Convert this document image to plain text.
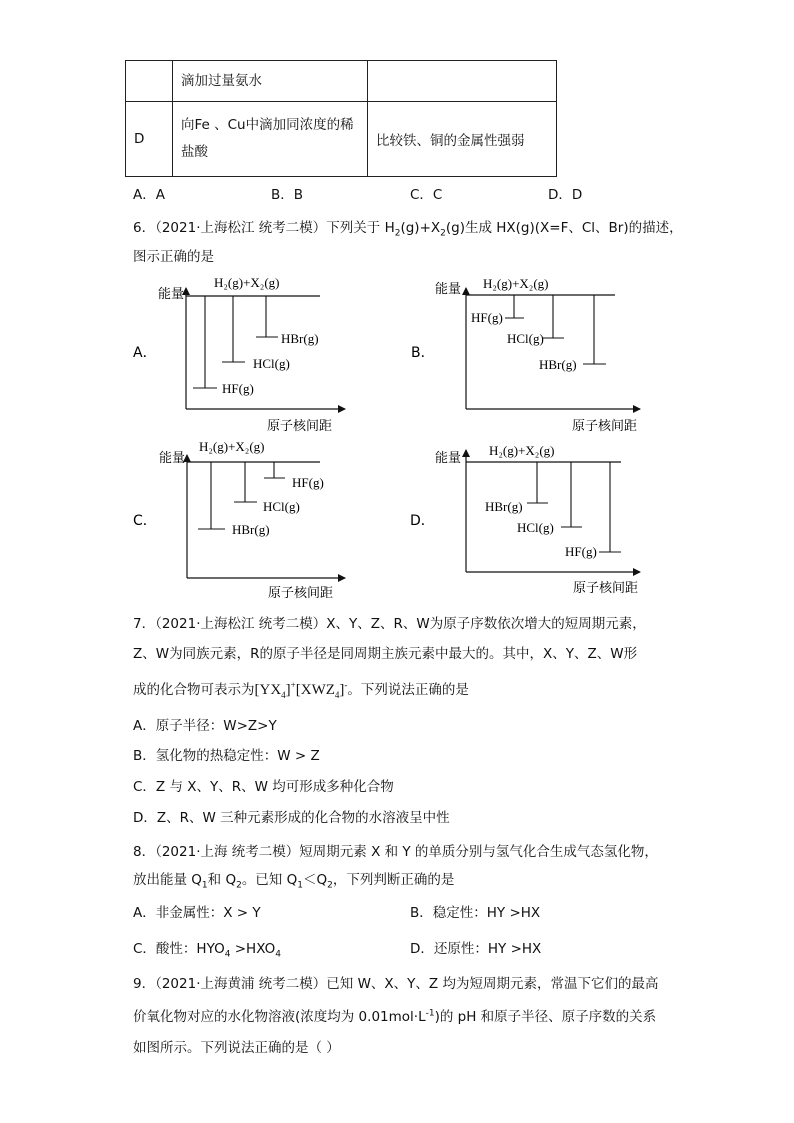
	滴加过量氨水	
D	向Fe 、Cu中滴加同浓度的稀
盐酸	比较铁、铜的金属性强弱
A．A	B．B	C．C	D．D
6．（2021·上海松江 统考二模）下列关于 $H_2(g)+X_2(g)$生成 HX(g)(X=F、Cl、Br)的描述，
图示正确的是
A．
能量
原子核间距
H₂(g)+X₂(g)
HF(g)
HCl(g)
HBr(g)
B．
能量
原子核间距
H₂(g)+X₂(g)
HF(g)
HCl(g)
HBr(g)
C．
能量
原子核间距
H₂(g)+X₂(g)
HBr(g)
HCl(g)
HF(g)
D．
能量
原子核间距
H₂(g)+X₂(g)
HBr(g)
HCl(g)
HF(g)
7．（2021·上海松江 统考二模）X、Y、Z、R、W为原子序数依次增大的短周期元素，
Z、W为同族元素，R的原子半径是同周期主族元素中最大的。其中，X、Y、Z、W形
成的化合物可表示为$[YX_4]^+[XWZ_4]^-$。下列说法正确的是
A．原子半径：W>Z>Y
B．氢化物的热稳定性：W > Z
C．Z 与 X、Y、R、W 均可形成多种化合物
D．Z、R、W 三种元素形成的化合物的水溶液呈中性
8．（2021·上海 统考二模）短周期元素 X 和 Y 的单质分别与氢气化合生成气态氢化物，
放出能量 $Q_1$和 $Q_2$。已知 $Q_1<Q_2$，下列判断正确的是
A．非金属性：X > Y	B．稳定性：HY >HX
C．酸性：$HYO_4 >HXO_4$	D．还原性：HY >HX
9．（2021·上海黄浦 统考二模）已知 W、X、Y、Z 均为短周期元素，常温下它们的最高
价氧化物对应的水化物溶液(浓度均为 $0.01mol\cdot L^{-1}$)的 pH 和原子半径、原子序数的关系
如图所示。下列说法正确的是（ ）
